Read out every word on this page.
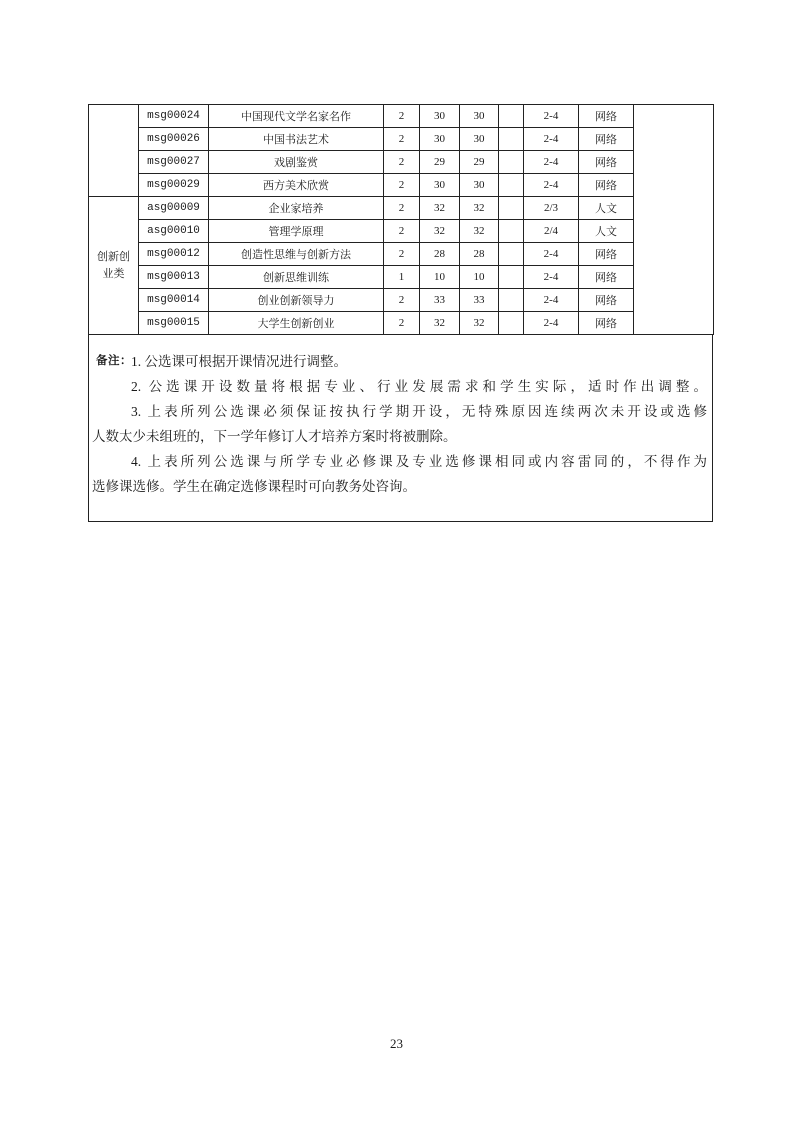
	msg00024	中国现代文学名家名作	2	30	30		2-4	网络	
	msg00026	中国书法艺术	2	30	30		2-4	网络	
	msg00027	戏剧鉴赏	2	29	29		2-4	网络	
	msg00029	西方美术欣赏	2	30	30		2-4	网络	

创新创业类	asg00009	企业家培养	2	32	32		2/3	人文	
	asg00010	管理学原理	2	32	32		2/4	人文	
	msg00012	创造性思维与创新方法	2	28	28		2-4	网络	
	msg00013	创新思维训练	1	10	10		2-4	网络	
	msg00014	创业创新领导力	2	33	33		2-4	网络	
	msg00015	大学生创新创业	2	32	32		2-4	网络	
备注： 1. 公选课可根据开课情况进行调整。
2. 公选课开设数量将根据专业、行业发展需求和学生实际，适时作出调整。
3. 上表所列公选课必须保证按执行学期开设，无特殊原因连续两次未开设或选修
人数太少未组班的，下一学年修订人才培养方案时将被删除。
4. 上表所列公选课与所学专业必修课及专业选修课相同或内容雷同的，不得作为
选修课选修。学生在确定选修课程时可向教务处咨询。
23
